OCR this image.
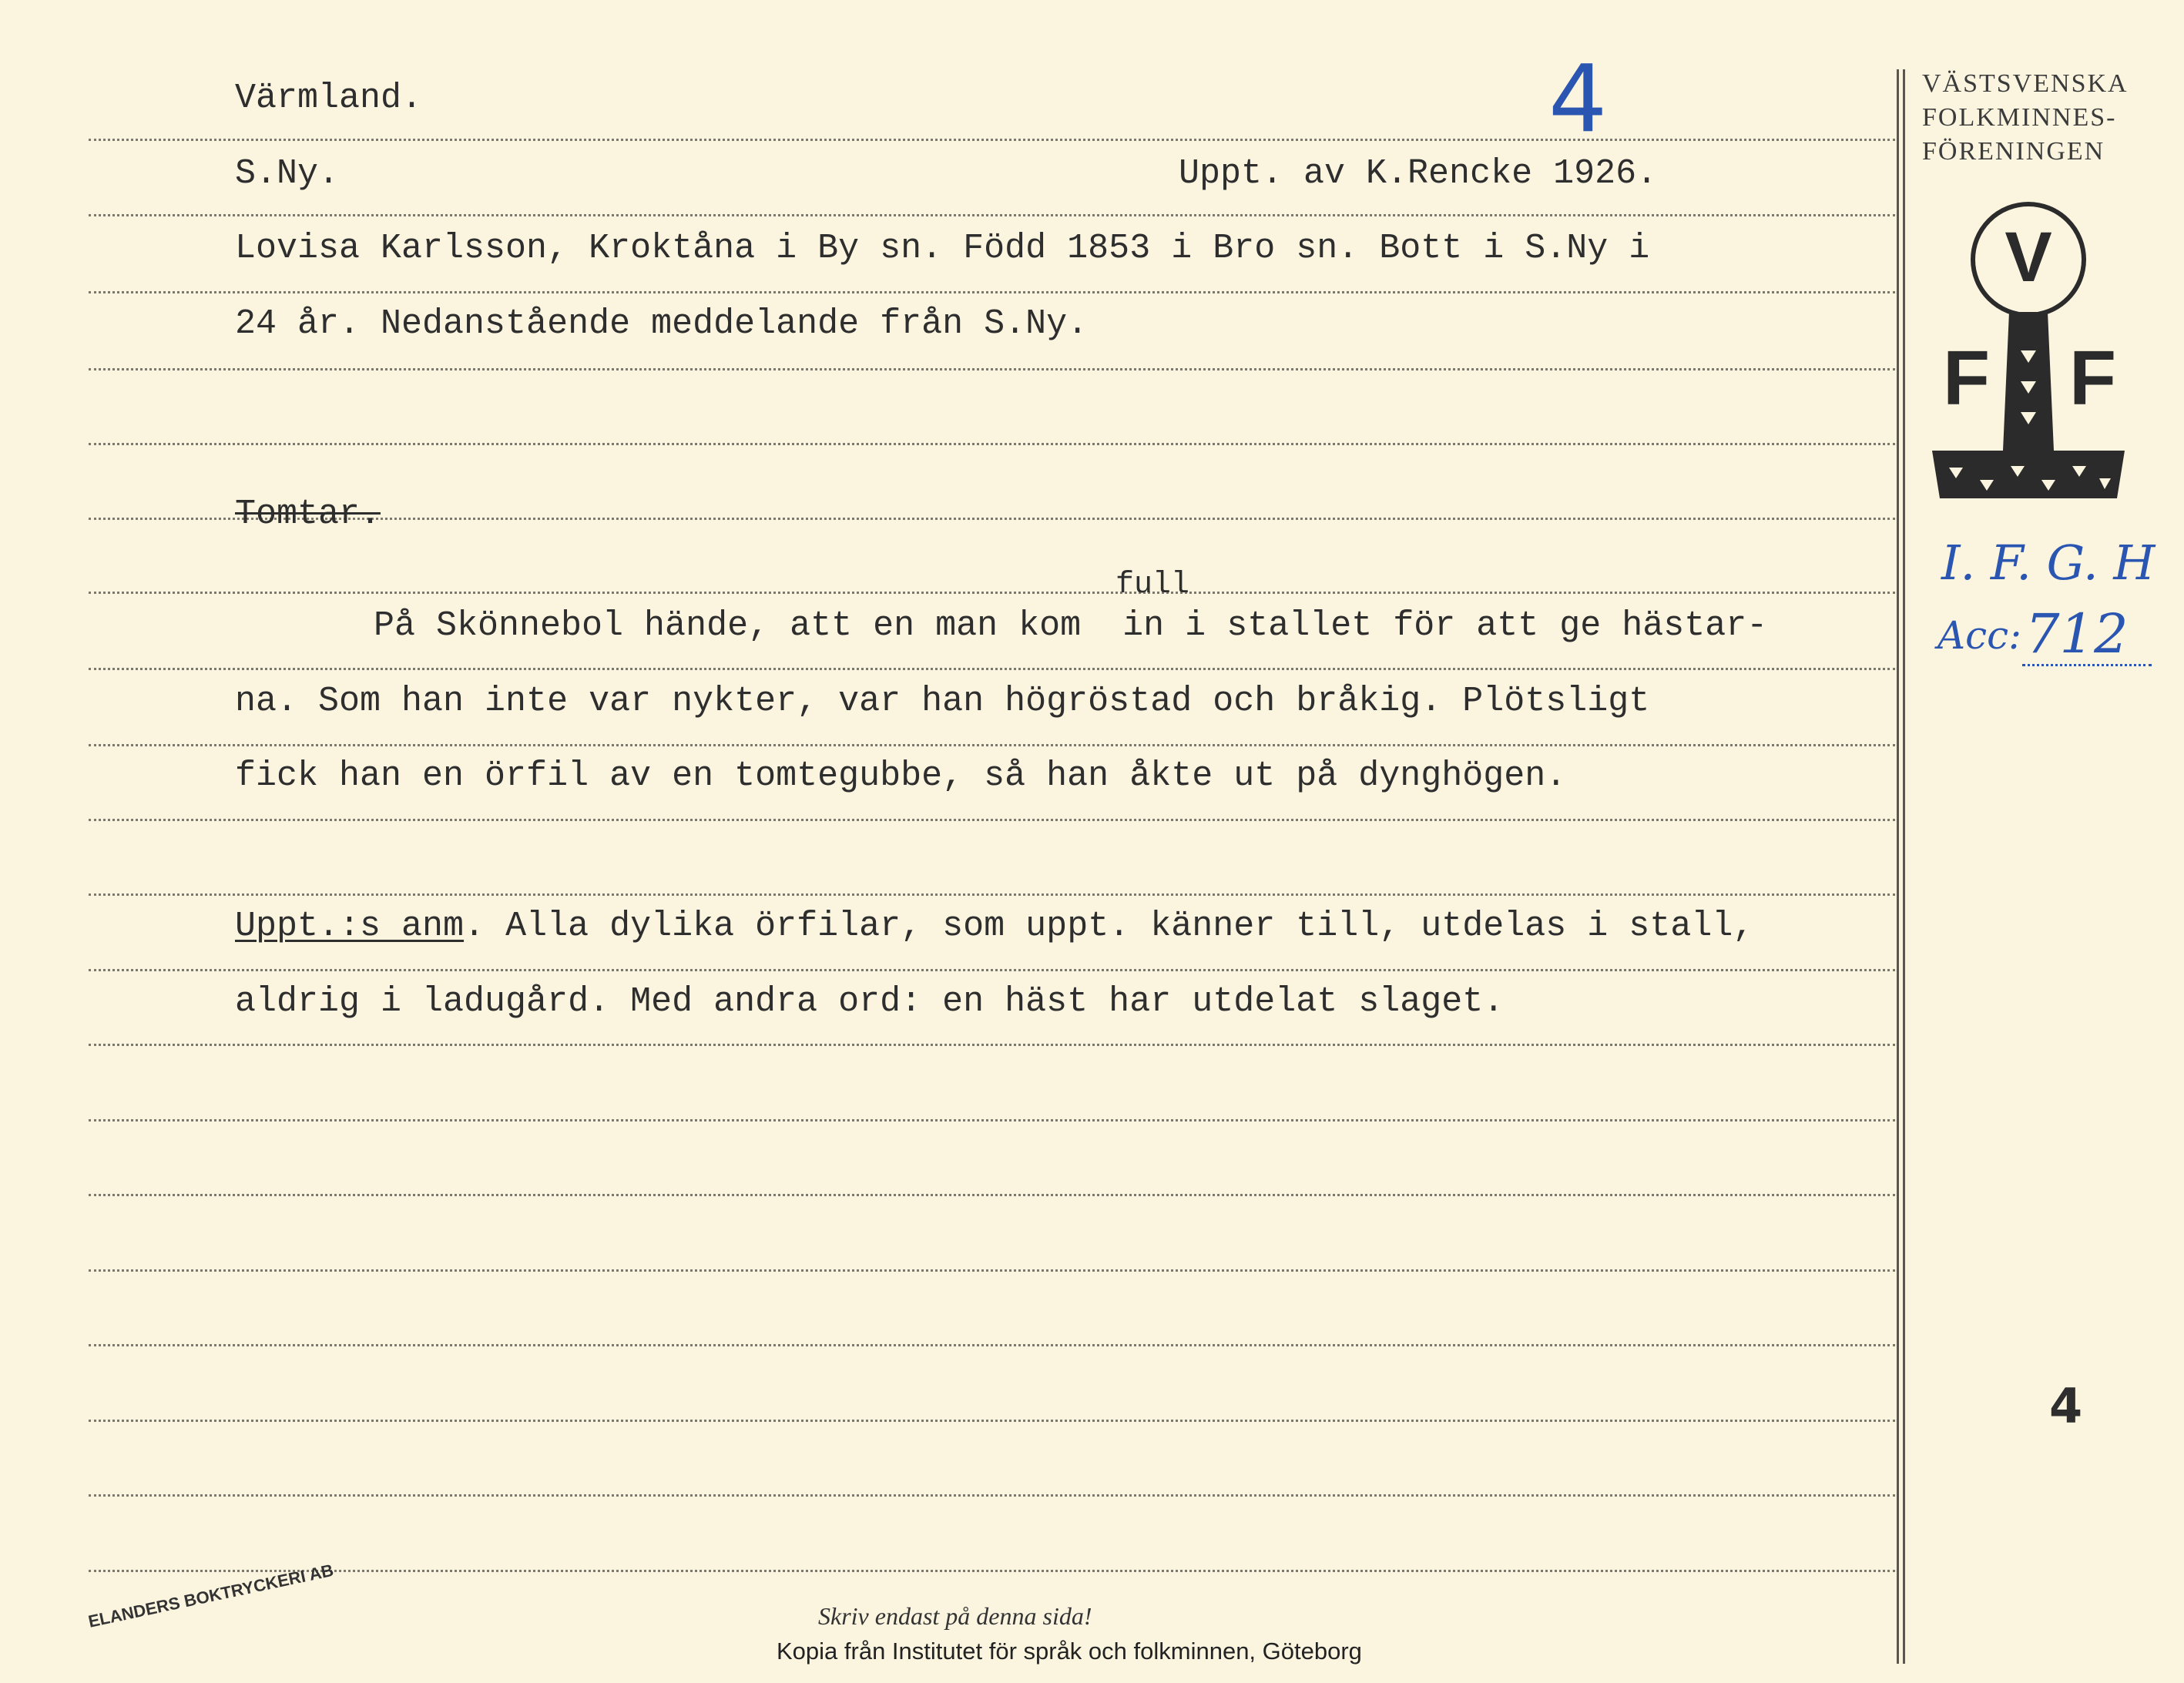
Värmland.	4
S.Ny.	Uppt. av K.Rencke 1926.
Lovisa Karlsson, Kroktåna i By sn. Född 1853 i Bro sn. Bott i S.Ny i
24 år. Nedanstående meddelande från S.Ny.
Tomtar.
full
På Skönnebol hände, att en man kom in i stallet för att ge hästar-
na. Som han inte var nykter, var han högröstad och bråkig. Plötsligt
fick han en örfil av en tomtegubbe, så han åkte ut på dynghögen.
Uppt.:s anm. Alla dylika örfilar, som uppt. känner till, utdelas i stall,
aldrig i ladugård. Med andra ord: en häst har utdelat slaget.
VÄSTSVENSKA
FOLKMINNES-
FÖRENINGEN
V
F F
I. F. G. H
Acc: 712
4
ELANDERS BOKTRYCKERI AB	Skriv endast på denna sida!
Kopia från Institutet för språk och folkminnen, Göteborg
